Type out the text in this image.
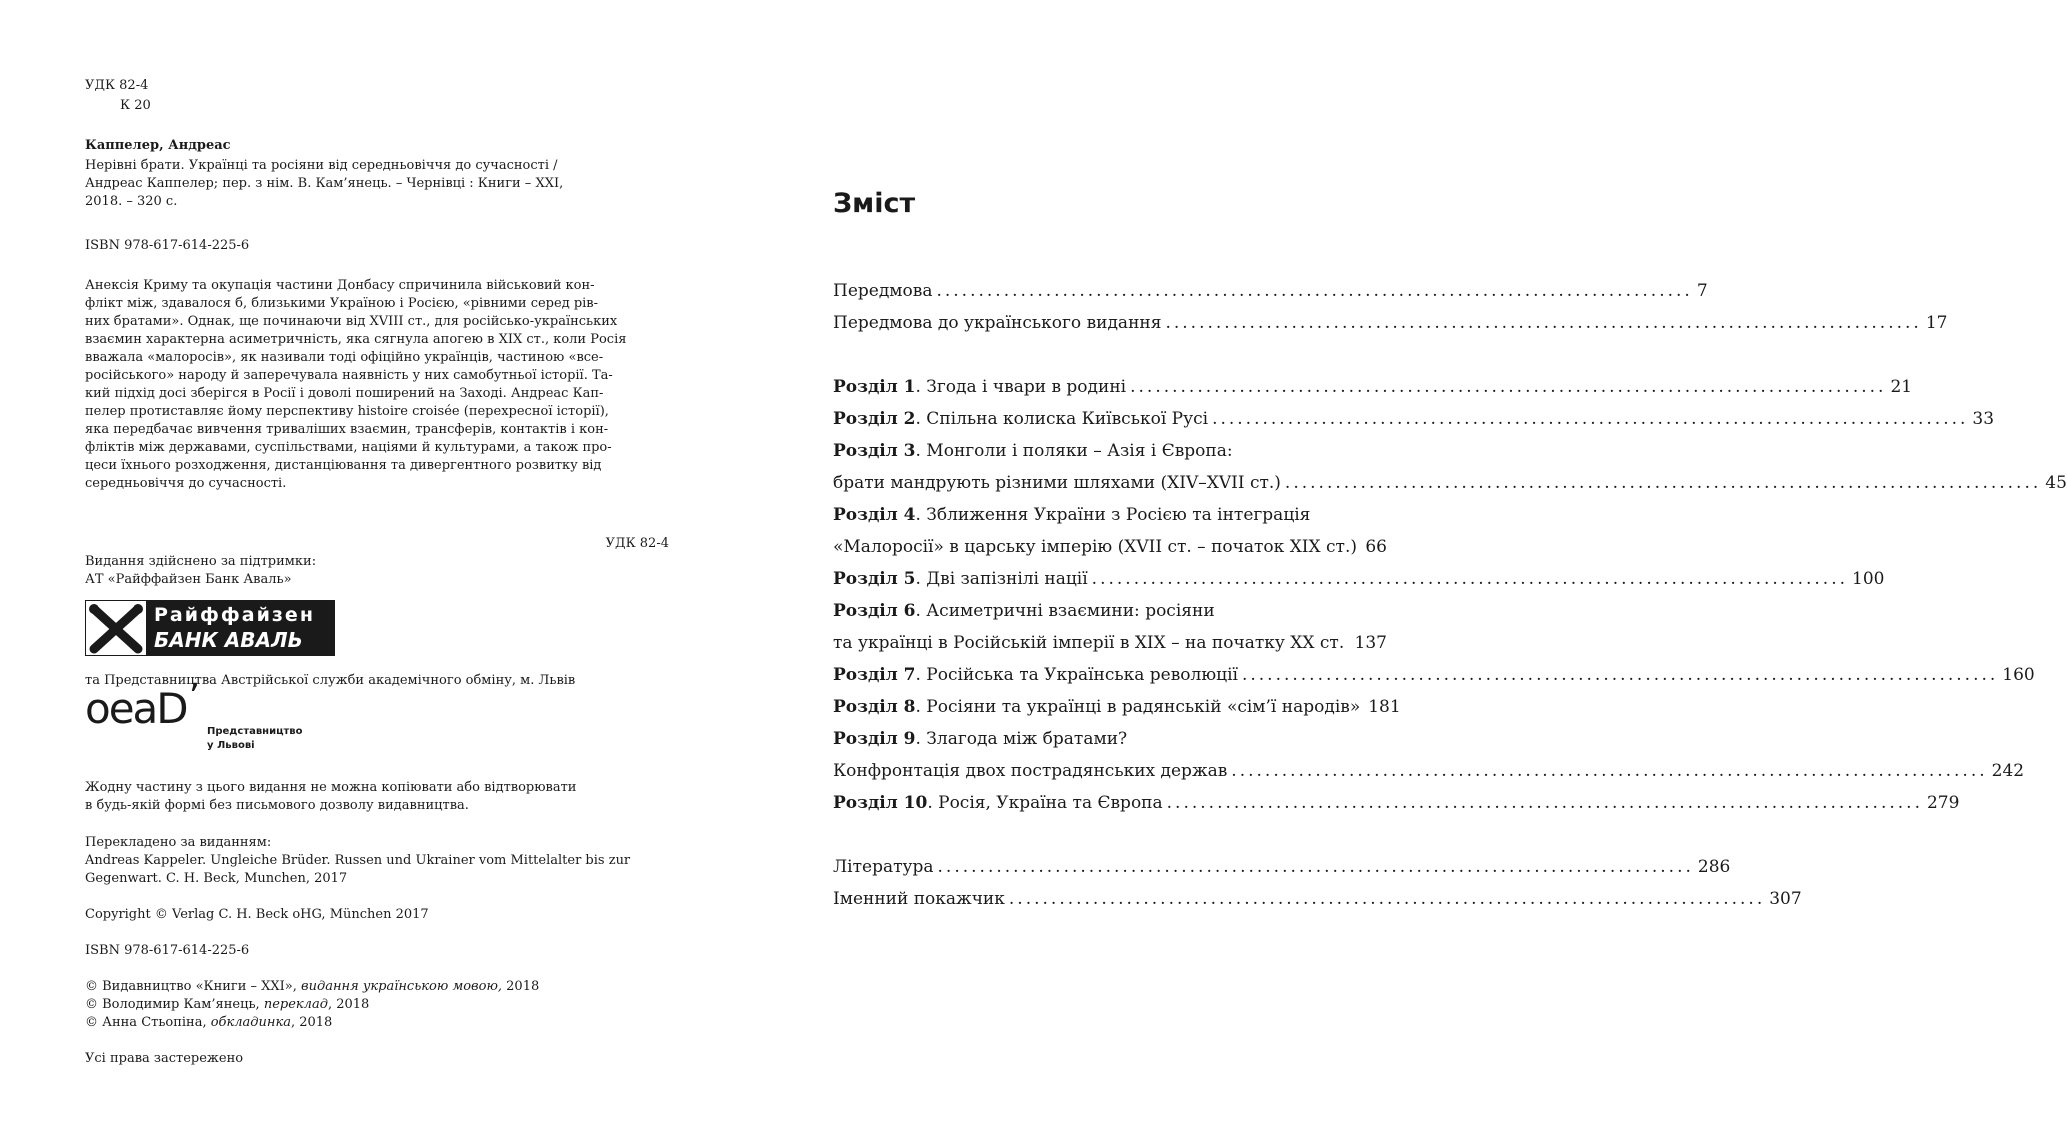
УДК 82-4
К 20
Каппелер, Андреас
Нерівні брати. Українці та росіяни від середньовіччя до сучасності /
Андреас Каппелер; пер. з нім. В. Кам’янець. – Чернівці : Книги – ХХІ,
2018. – 320 с.
ISBN 978-617-614-225-6
Анексія Криму та окупація частини Донбасу спричинила військовий кон-
флікт між, здавалося б, близькими Україною і Росією, «рівними серед рів-
них братами». Однак, ще починаючи від XVIII ст., для російсько-українських
взаємин характерна асиметричність, яка сягнула апогею в XIX ст., коли Росія
вважала «малоросів», як називали тоді офіційно українців, частиною «все-
російського» народу й заперечувала наявність у них самобутньої історії. Та-
кий підхід досі зберігся в Росії і доволі поширений на Заході. Андреас Кап-
пелер протиставляє йому перспективу histoire croisée (перехресної історії),
яка передбачає вивчення триваліших взаємин, трансферів, контактів і кон-
фліктів між державами, суспільствами, націями й культурами, а також про-
цеси їхнього розходження, дистанціювання та дивергентного розвитку від
середньовіччя до сучасності.
УДК 82-4
Видання здійснено за підтримки:
АТ «Райффайзен Банк Аваль»
Райффайзен
БАНК АВАЛЬ
та Представництва Австрійської служби академічного обміну, м. Львів
oeaD’
Представництво
у Львові
Жодну частину з цього видання не можна копіювати або відтворювати
в будь-якій формі без письмового дозволу видавництва.
Перекладено за виданням:
Andreas Kappeler. Ungleiche Brüder. Russen und Ukrainer vom Mittelalter bis zur
Gegenwart. C. H. Beck, Munchen, 2017
Copyright © Verlag C. H. Beck oHG, München 2017
ISBN 978-617-614-225-6
© Видавництво «Книги – ХХІ», видання українською мовою, 2018
© Володимир Кам’янець, переклад, 2018
© Анна Стьопіна, обкладинка, 2018
Усі права застережено
Зміст
Передмова .......................................................................................... 7
Передмова до українського видання .......................................................................................... 17
Розділ 1. Згода і чвари в родині .......................................................................................... 21
Розділ 2. Спільна колиска Київської Русі .......................................................................................... 33
Розділ 3. Монголи і поляки – Азія і Європа:
брати мандрують різними шляхами (XIV–XVII ст.) .......................................................................................... 45
Розділ 4. Зближення України з Росією та інтеграція
«Малоросії» в царську імперію (XVII ст. – початок XIX ст.) 66
Розділ 5. Дві запізнілі нації .......................................................................................... 100
Розділ 6. Асиметричні взаємини: росіяни
та українці в Російській імперії в XIX – на початку XX ст. 137
Розділ 7. Російська та Українська революції .......................................................................................... 160
Розділ 8. Росіяни та українці в радянській «сім’ї народів» 181
Розділ 9. Злагода між братами?
Конфронтація двох пострадянських держав .......................................................................................... 242
Розділ 10. Росія, Україна та Європа .......................................................................................... 279
Література .......................................................................................... 286
Іменний покажчик .......................................................................................... 307
